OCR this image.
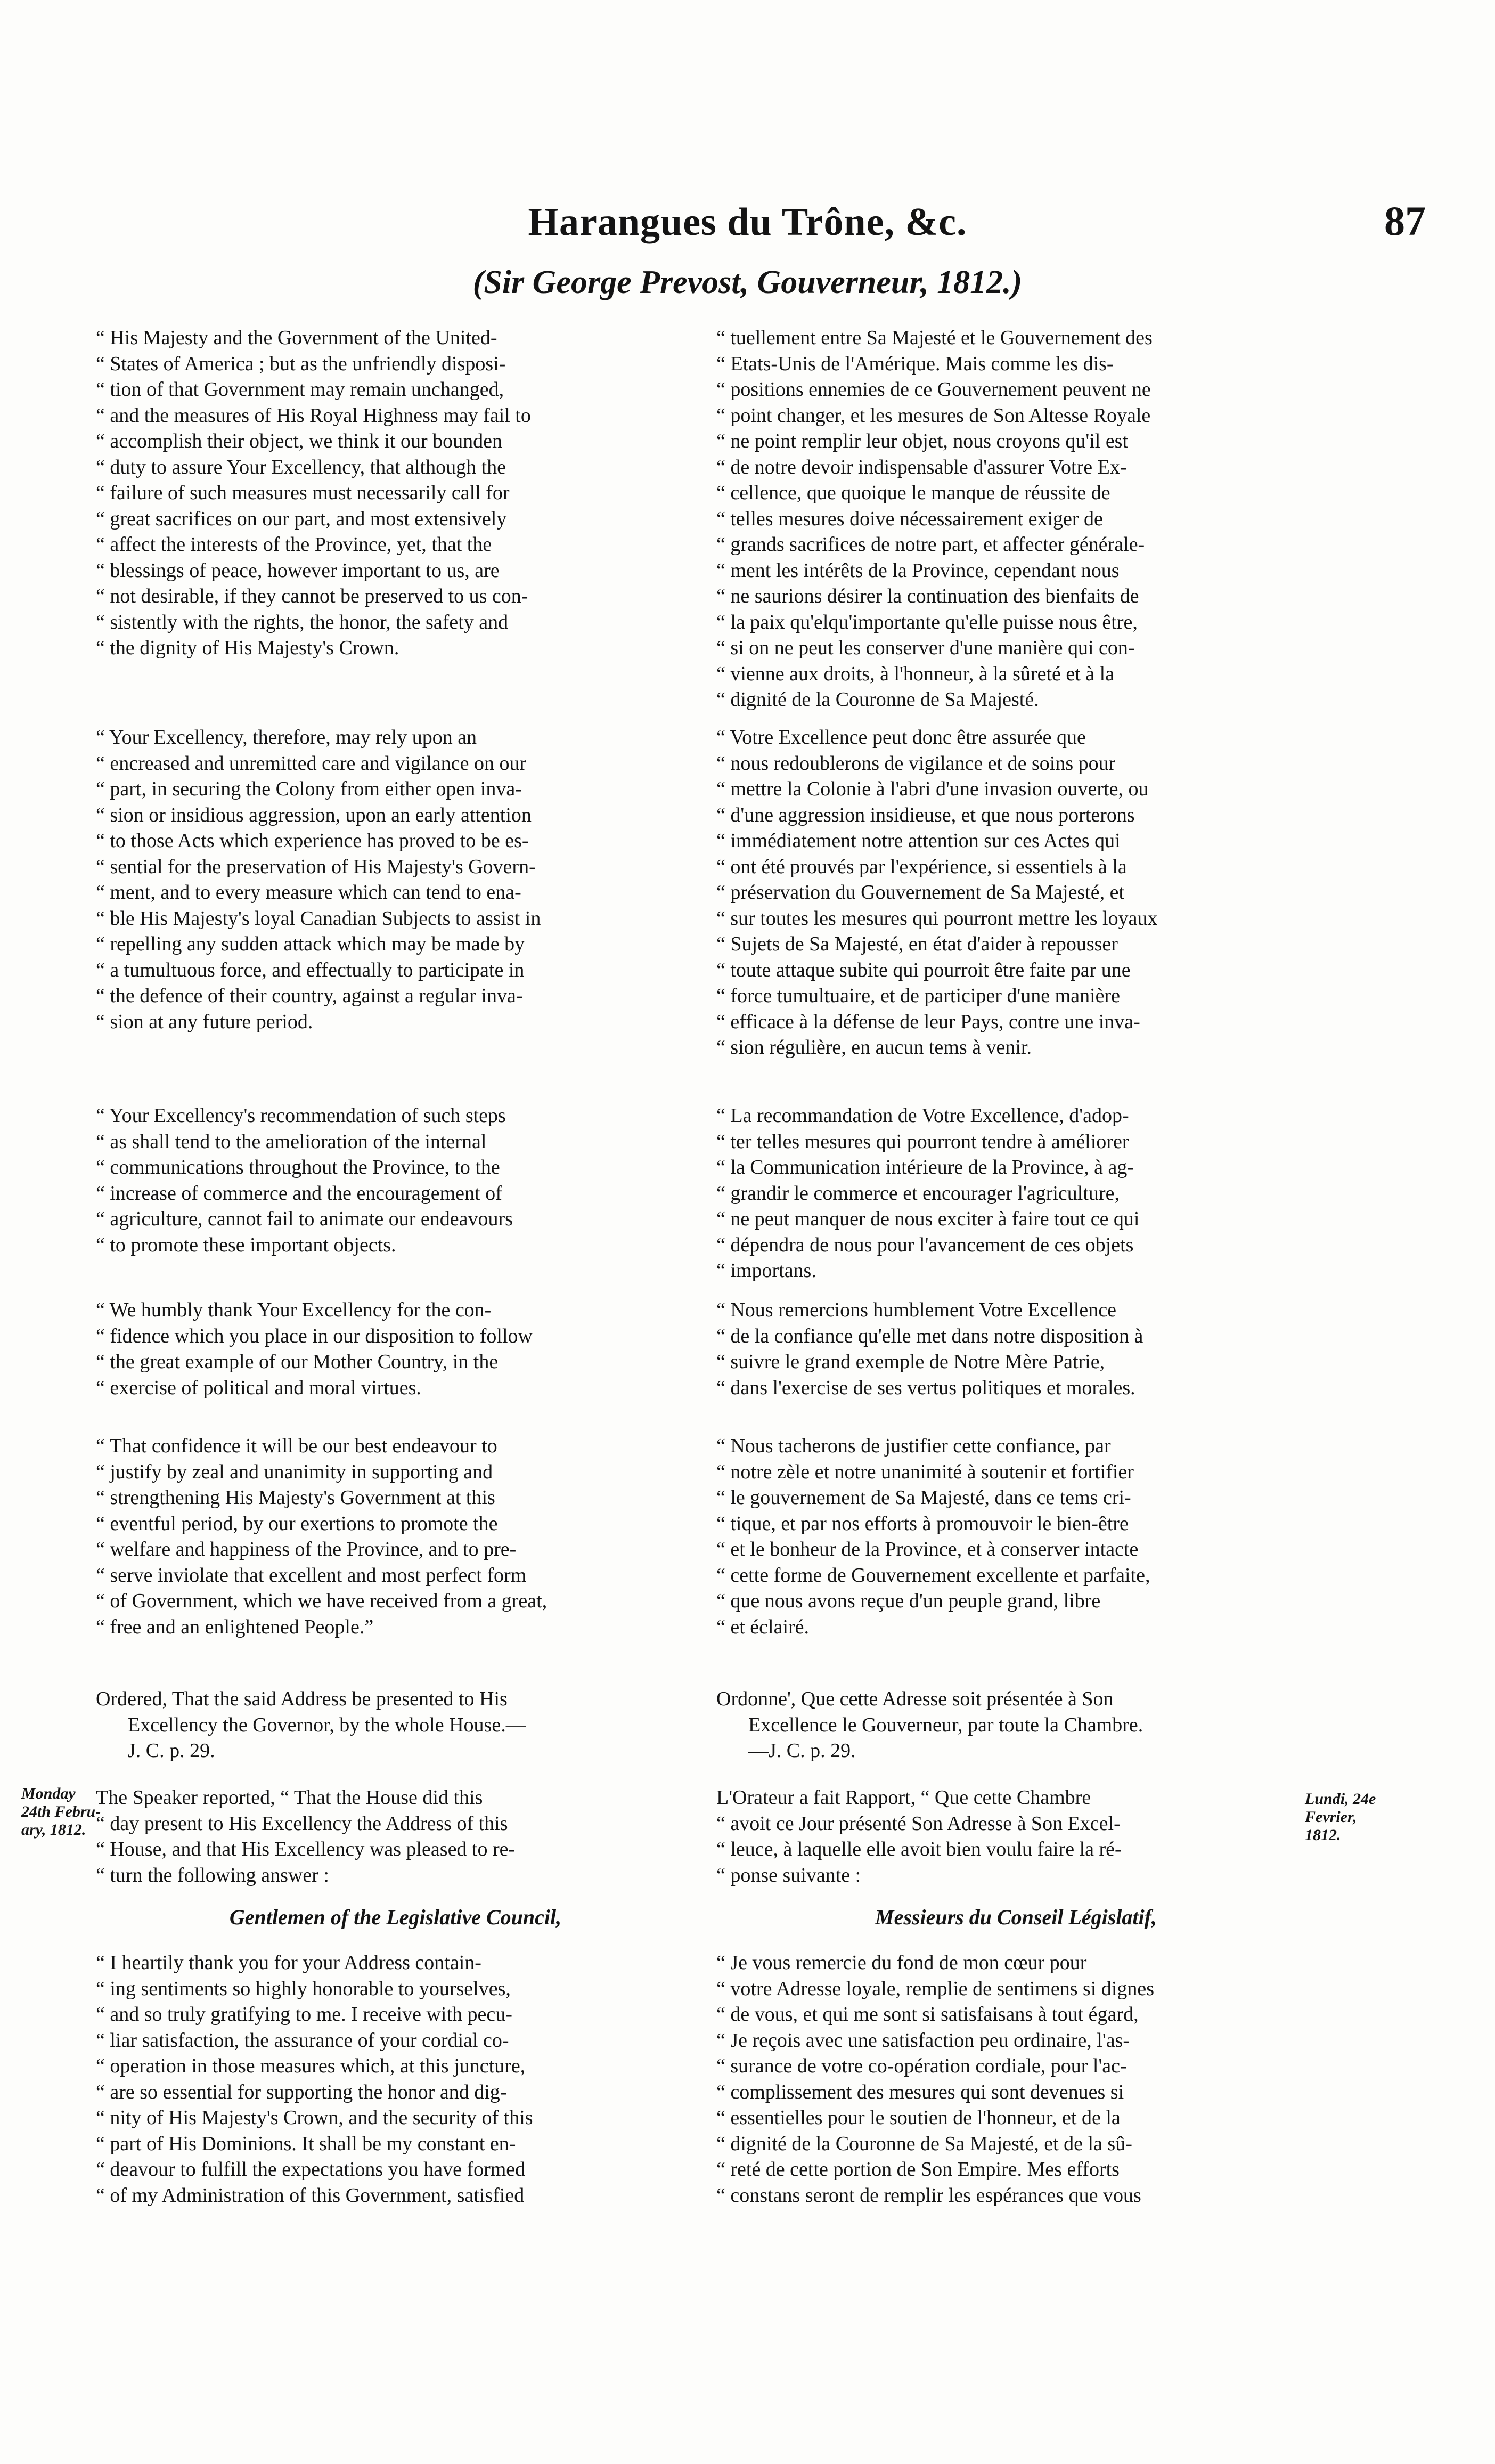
Harangues du Trône, &c.	87
(Sir George Prevost, Gouverneur, 1812.)
“ His Majesty and the Government of the United-
“ States of America ; but as the unfriendly disposi-
“ tion of that Government may remain unchanged,
“ and the measures of His Royal Highness may fail to
“ accomplish their object, we think it our bounden
“ duty to assure Your Excellency, that although the
“ failure of such measures must necessarily call for
“ great sacrifices on our part, and most extensively
“ affect the interests of the Province, yet, that the
“ blessings of peace, however important to us, are
“ not desirable, if they cannot be preserved to us con-
“ sistently with the rights, the honor, the safety and
“ the dignity of His Majesty's Crown.
“ Your Excellency, therefore, may rely upon an
“ encreased and unremitted care and vigilance on our
“ part, in securing the Colony from either open inva-
“ sion or insidious aggression, upon an early attention
“ to those Acts which experience has proved to be es-
“ sential for the preservation of His Majesty's Govern-
“ ment, and to every measure which can tend to ena-
“ ble His Majesty's loyal Canadian Subjects to assist in
“ repelling any sudden attack which may be made by
“ a tumultuous force, and effectually to participate in
“ the defence of their country, against a regular inva-
“ sion at any future period.
“ Your Excellency's recommendation of such steps
“ as shall tend to the amelioration of the internal
“ communications throughout the Province, to the
“ increase of commerce and the encouragement of
“ agriculture, cannot fail to animate our endeavours
“ to promote these important objects.
“ We humbly thank Your Excellency for the con-
“ fidence which you place in our disposition to follow
“ the great example of our Mother Country, in the
“ exercise of political and moral virtues.
“ That confidence it will be our best endeavour to
“ justify by zeal and unanimity in supporting and
“ strengthening His Majesty's Government at this
“ eventful period, by our exertions to promote the
“ welfare and happiness of the Province, and to pre-
“ serve inviolate that excellent and most perfect form
“ of Government, which we have received from a great,
“ free and an enlightened People.”
Ordered, That the said Address be presented to His
Excellency the Governor, by the whole House.—
J. C. p. 29.
The Speaker reported, “ That the House did this
“ day present to His Excellency the Address of this
“ House, and that His Excellency was pleased to re-
“ turn the following answer :
Gentlemen of the Legislative Council,
“ I heartily thank you for your Address contain-
“ ing sentiments so highly honorable to yourselves,
“ and so truly gratifying to me. I receive with pecu-
“ liar satisfaction, the assurance of your cordial co-
“ operation in those measures which, at this juncture,
“ are so essential for supporting the honor and dig-
“ nity of His Majesty's Crown, and the security of this
“ part of His Dominions. It shall be my constant en-
“ deavour to fulfill the expectations you have formed
“ of my Administration of this Government, satisfied
“ tuellement entre Sa Majesté et le Gouvernement des
“ Etats-Unis de l'Amérique. Mais comme les dis-
“ positions ennemies de ce Gouvernement peuvent ne
“ point changer, et les mesures de Son Altesse Royale
“ ne point remplir leur objet, nous croyons qu'il est
“ de notre devoir indispensable d'assurer Votre Ex-
“ cellence, que quoique le manque de réussite de
“ telles mesures doive nécessairement exiger de
“ grands sacrifices de notre part, et affecter générale-
“ ment les intérêts de la Province, cependant nous
“ ne saurions désirer la continuation des bienfaits de
“ la paix qu'elqu'importante qu'elle puisse nous être,
“ si on ne peut les conserver d'une manière qui con-
“ vienne aux droits, à l'honneur, à la sûreté et à la
“ dignité de la Couronne de Sa Majesté.
“ Votre Excellence peut donc être assurée que
“ nous redoublerons de vigilance et de soins pour
“ mettre la Colonie à l'abri d'une invasion ouverte, ou
“ d'une aggression insidieuse, et que nous porterons
“ immédiatement notre attention sur ces Actes qui
“ ont été prouvés par l'expérience, si essentiels à la
“ préservation du Gouvernement de Sa Majesté, et
“ sur toutes les mesures qui pourront mettre les loyaux
“ Sujets de Sa Majesté, en état d'aider à repousser
“ toute attaque subite qui pourroit être faite par une
“ force tumultuaire, et de participer d'une manière
“ efficace à la défense de leur Pays, contre une inva-
“ sion régulière, en aucun tems à venir.
“ La recommandation de Votre Excellence, d'adop-
“ ter telles mesures qui pourront tendre à améliorer
“ la Communication intérieure de la Province, à ag-
“ grandir le commerce et encourager l'agriculture,
“ ne peut manquer de nous exciter à faire tout ce qui
“ dépendra de nous pour l'avancement de ces objets
“ importans.
“ Nous remercions humblement Votre Excellence
“ de la confiance qu'elle met dans notre disposition à
“ suivre le grand exemple de Notre Mère Patrie,
“ dans l'exercise de ses vertus politiques et morales.
“ Nous tacherons de justifier cette confiance, par
“ notre zèle et notre unanimité à soutenir et fortifier
“ le gouvernement de Sa Majesté, dans ce tems cri-
“ tique, et par nos efforts à promouvoir le bien-être
“ et le bonheur de la Province, et à conserver intacte
“ cette forme de Gouvernement excellente et parfaite,
“ que nous avons reçue d'un peuple grand, libre
“ et éclairé.
Ordonne', Que cette Adresse soit présentée à Son
Excellence le Gouverneur, par toute la Chambre.
—J. C. p. 29.
L'Orateur a fait Rapport, “ Que cette Chambre
“ avoit ce Jour présenté Son Adresse à Son Excel-
“ leuce, à laquelle elle avoit bien voulu faire la ré-
“ ponse suivante :
Messieurs du Conseil Législatif,
“ Je vous remercie du fond de mon cœur pour
“ votre Adresse loyale, remplie de sentimens si dignes
“ de vous, et qui me sont si satisfaisans à tout égard,
“ Je reçois avec une satisfaction peu ordinaire, l'as-
“ surance de votre co-opération cordiale, pour l'ac-
“ complissement des mesures qui sont devenues si
“ essentielles pour le soutien de l'honneur, et de la
“ dignité de la Couronne de Sa Majesté, et de la sû-
“ reté de cette portion de Son Empire. Mes efforts
“ constans seront de remplir les espérances que vous
Monday
24th Febru-
ary, 1812.
Lundi, 24e
Fevrier,
1812.
